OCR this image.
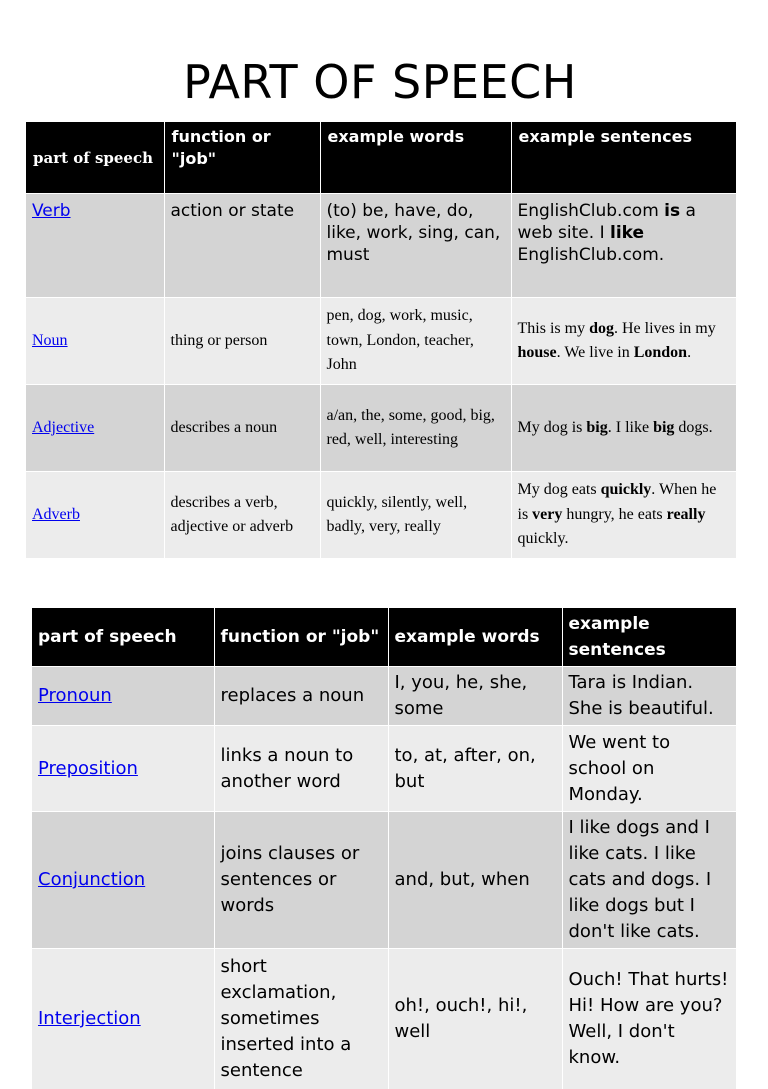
PART OF SPEECH
part of speech	function or "job"	example words	example sentences
Verb	action or state	(to) be, have, do, like, work, sing, can, must	EnglishClub.com is a web site. I like EnglishClub.com.
Noun	thing or person	pen, dog, work, music, town, London, teacher, John	This is my dog. He lives in my house. We live in London.
Adjective	describes a noun	a/an, the, some, good, big, red, well, interesting	My dog is big. I like big dogs.
Adverb	describes a verb, adjective or adverb	quickly, silently, well, badly, very, really	My dog eats quickly. When he is very hungry, he eats really quickly.
part of speech	function or "job"	example words	example sentences
Pronoun	replaces a noun	I, you, he, she, some	Tara is Indian. She is beautiful.
Preposition	links a noun to another word	to, at, after, on, but	We went to school on Monday.
Conjunction	joins clauses or sentences or words	and, but, when	I like dogs and I like cats. I like cats and dogs. I like dogs but I don't like cats.
Interjection	short exclamation, sometimes inserted into a sentence	oh!, ouch!, hi!, well	Ouch! That hurts! Hi! How are you? Well, I don't know.
